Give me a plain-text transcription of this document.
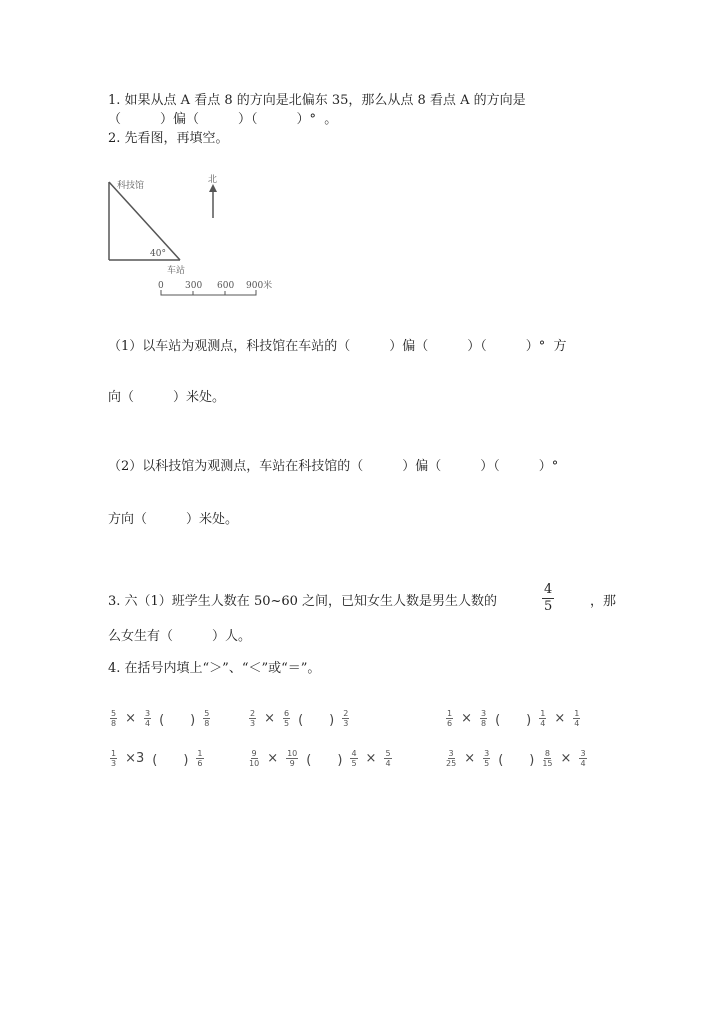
1. 如果从点 A 看点 8 的方向是北偏东 35，那么从点 8 看点 A 的方向是
（　　　）偏（　　　）（　　　）°  。
2. 先看图，再填空。
科技馆
北
40°
车站
0 300 600 900米
（1）以车站为观测点，科技馆在车站的（　　　）偏（　　　）（　　　）°  方
向（　　　）米处。
（2）以科技馆为观测点，车站在科技馆的（　　　）偏（　　　）（　　　）°
方向（　　　）米处。
3. 六（1）班学生人数在 50~60 之间，已知女生人数是男生人数的	$\frac{4}{5}$	，那
么女生有（　　　）人。
4. 在括号内填上“＞”、“＜”或“＝”。
$\frac{5}{8} \times \frac{3}{4}$ (　　) $\frac{5}{8}$	$\frac{2}{3} \times \frac{6}{5}$ (　　) $\frac{2}{3}$	$\frac{1}{6} \times \frac{3}{8}$ (　　) $\frac{1}{4} \times \frac{1}{4}$
$\frac{1}{3} \times 3$ (　　) $\frac{1}{6}$	$\frac{9}{10} \times \frac{10}{9}$ (　　) $\frac{4}{5} \times \frac{5}{4}$	$\frac{3}{25} \times \frac{3}{5}$ (　　) $\frac{8}{15} \times \frac{3}{4}$
